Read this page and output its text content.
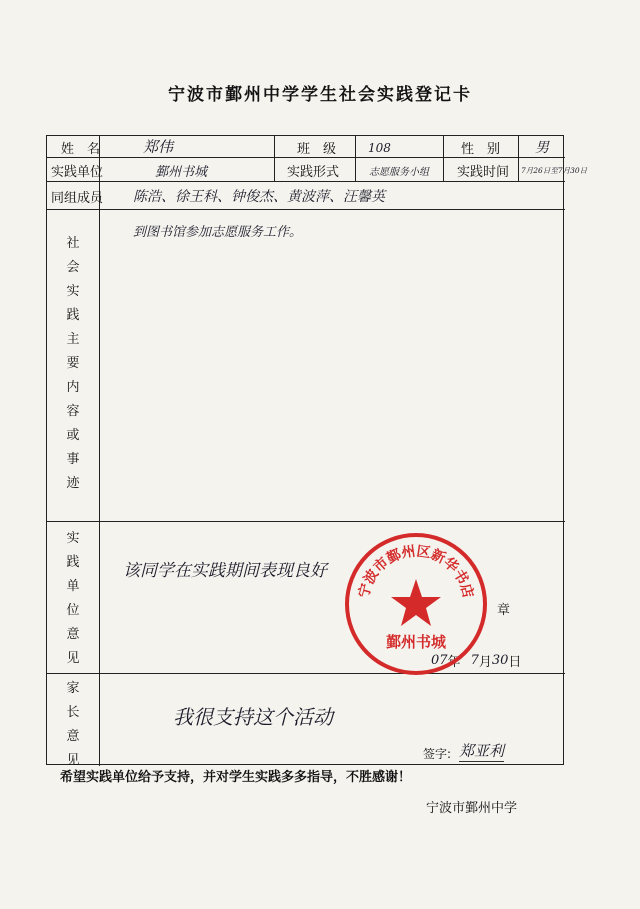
宁波市鄞州中学学生社会实践登记卡
姓　名	郑伟	班　级	108	性　别 男
实践单位	鄞州书城	实践形式	志愿服务小组 实践时间 7月26日至7月30日
同组成员 陈浩、徐王科、钟俊杰、黄波萍、汪馨英
社会实践主要内容或事迹
到图书馆参加志愿服务工作。
实践单位意见
该同学在实践期间表现良好
章
07 年 7 月 30 日
家长意见
我很支持这个活动
签字: 郑亚利
宁波市鄞州区新华书店
鄞州书城
希望实践单位给予支持，并对学生实践多多指导，不胜感谢！
宁波市鄞州中学
